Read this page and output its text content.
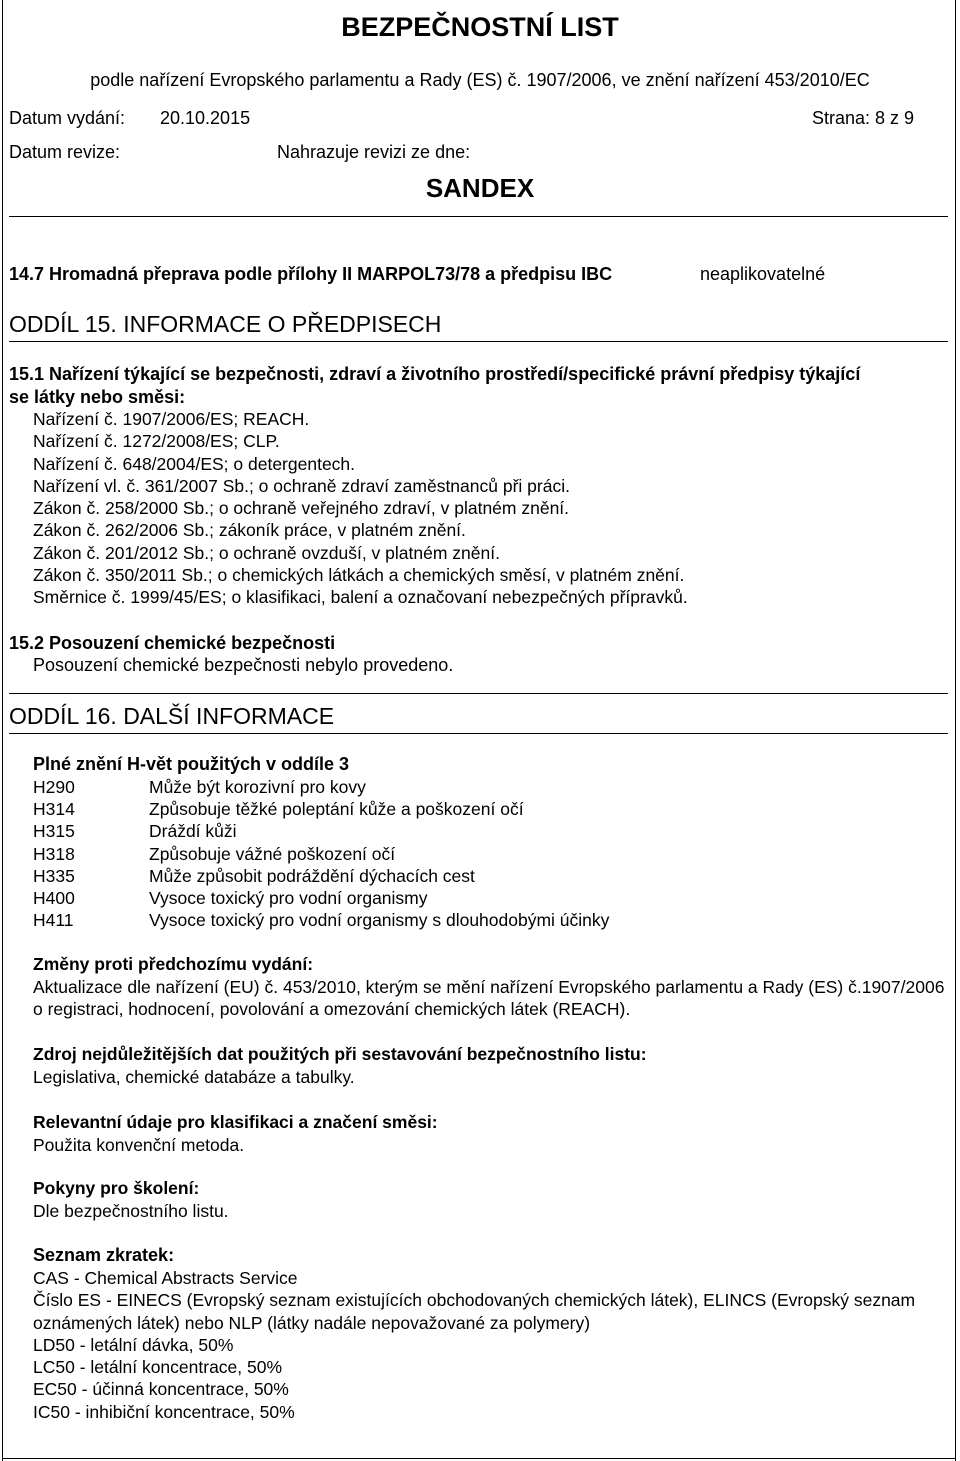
BEZPEČNOSTNÍ LIST
podle nařízení Evropského parlamentu a Rady (ES) č. 1907/2006, ve znění nařízení 453/2010/EC
Datum vydání: 20.10.2015	Strana: 8 z 9
Datum revize:	Nahrazuje revizi ze dne:
SANDEX
14.7 Hromadná přeprava podle přílohy II MARPOL73/78 a předpisu IBC	neaplikovatelné
ODDÍL 15. INFORMACE O PŘEDPISECH
15.1 Nařízení týkající se bezpečnosti, zdraví a životního prostředí/specifické právní předpisy týkající
se látky nebo směsi:
Nařízení č. 1907/2006/ES; REACH.
Nařízení č. 1272/2008/ES; CLP.
Nařízení č. 648/2004/ES; o detergentech.
Nařízení vl. č. 361/2007 Sb.; o ochraně zdraví zaměstnanců při práci.
Zákon č. 258/2000 Sb.; o ochraně veřejného zdraví, v platném znění.
Zákon č. 262/2006 Sb.; zákoník práce, v platném znění.
Zákon č. 201/2012 Sb.; o ochraně ovzduší, v platném znění.
Zákon č. 350/2011 Sb.; o chemických látkách a chemických směsí, v platném znění.
Směrnice č. 1999/45/ES; o klasifikaci, balení a označovaní nebezpečných přípravků.
15.2 Posouzení chemické bezpečnosti
Posouzení chemické bezpečnosti nebylo provedeno.
ODDÍL 16. DALŠÍ INFORMACE
Plné znění H-vět použitých v oddíle 3
H290	Může být korozivní pro kovy
H314	Způsobuje těžké poleptání kůže a poškození očí
H315	Dráždí kůži
H318	Způsobuje vážné poškození očí
H335	Může způsobit podráždění dýchacích cest
H400	Vysoce toxický pro vodní organismy
H411	Vysoce toxický pro vodní organismy s dlouhodobými účinky

Změny proti předchozímu vydání:

Aktualizace dle nařízení (EU) č. 453/2010, kterým se mění nařízení Evropského parlamentu a Rady (ES) č.1907/2006 o registraci, hodnocení, povolování a omezování chemických látek (REACH).

Zdroj nejdůležitějších dat použitých při sestavování bezpečnostního listu:

Legislativa, chemické databáze a tabulky.

Relevantní údaje pro klasifikaci a značení směsi:

Použita konvenční metoda.

Pokyny pro školení:

Dle bezpečnostního listu.

Seznam zkratek:
CAS - Chemical Abstracts Service
Číslo ES - EINECS (Evropský seznam existujících obchodovaných chemických látek), ELINCS (Evropský seznam oznámených látek) nebo NLP (látky nadále nepovažované za polymery)
LD50 - letální dávka, 50%
LC50 - letální koncentrace, 50%
EC50 - účinná koncentrace, 50%
IC50 - inhibiční koncentrace, 50%
